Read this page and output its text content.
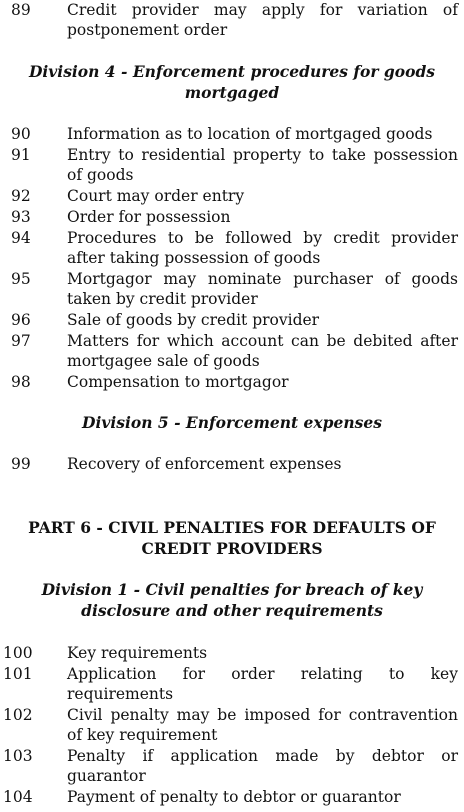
89 Credit provider may apply for variation of postponement order
Division 4 - Enforcement procedures for goods
mortgaged
90 Information as to location of mortgaged goods
91 Entry to residential property to take possession of goods
92 Court may order entry
93 Order for possession
94 Procedures to be followed by credit provider after taking possession of goods
95 Mortgagor may nominate purchaser of goods taken by credit provider
96 Sale of goods by credit provider
97 Matters for which account can be debited after mortgagee sale of goods
98 Compensation to mortgagor
Division 5 - Enforcement expenses
99 Recovery of enforcement expenses
PART 6 - CIVIL PENALTIES FOR DEFAULTS OF
CREDIT PROVIDERS
Division 1 - Civil penalties for breach of key
disclosure and other requirements
100 Key requirements
101 Application for order relating to key requirements
102 Civil penalty may be imposed for contravention of key requirement
103 Penalty if application made by debtor or guarantor
104 Payment of penalty to debtor or guarantor
